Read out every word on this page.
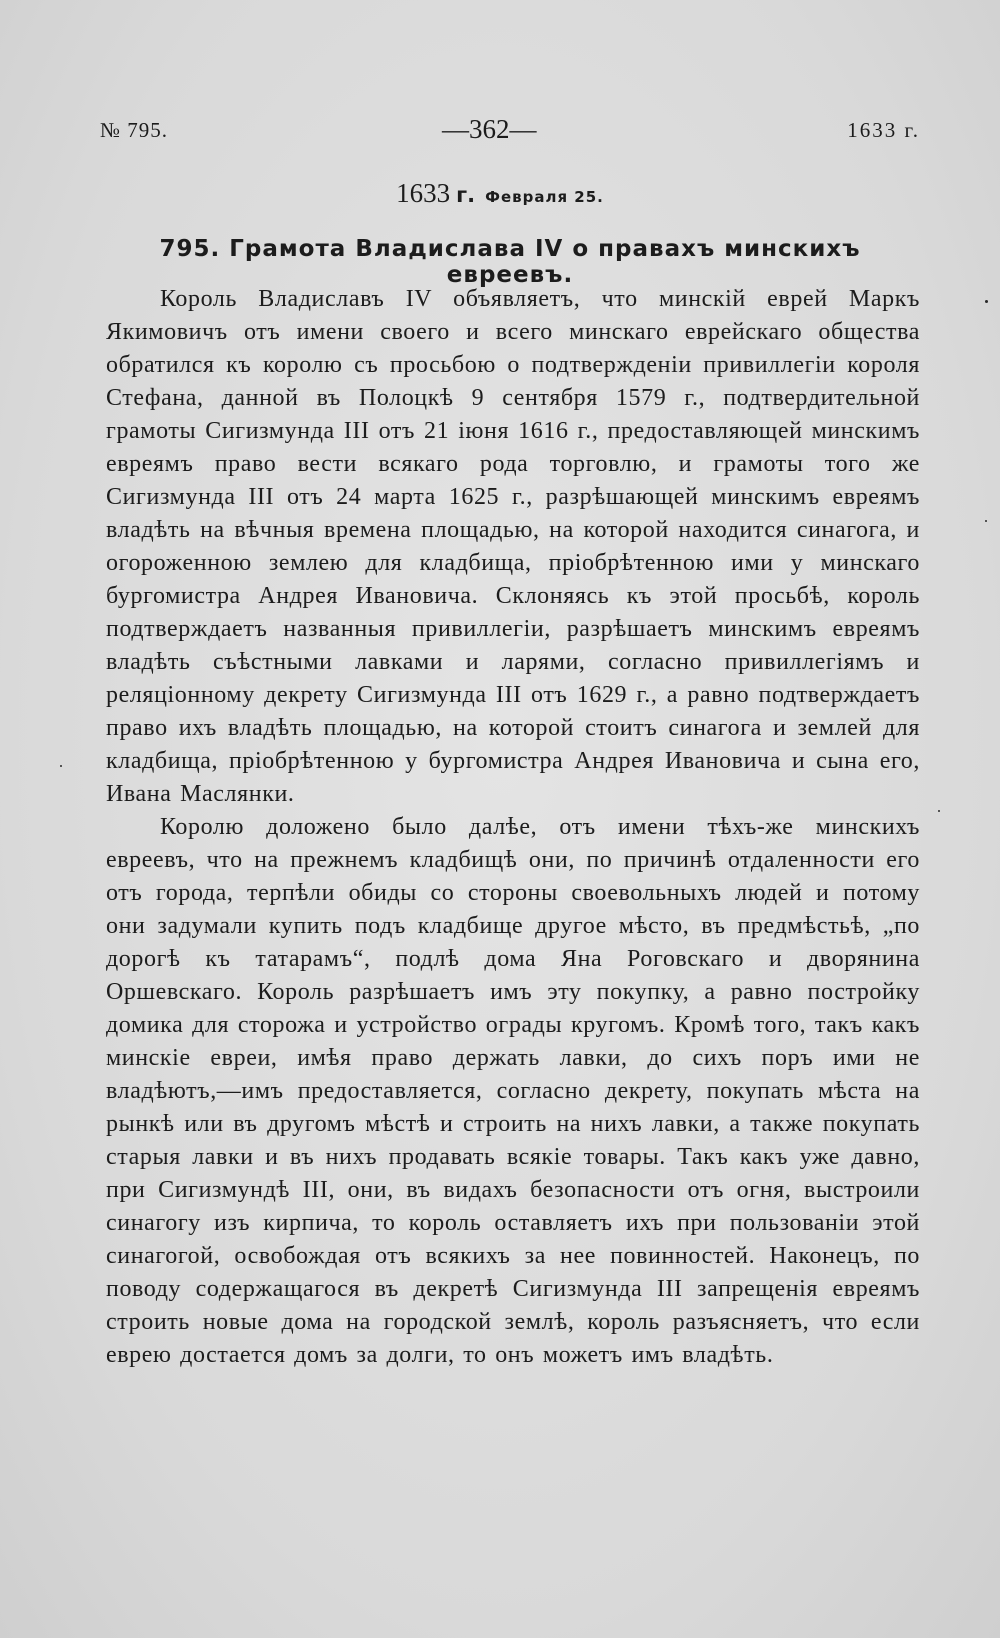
№ 795.	—362—	1633 г.
1633 г. Февраля 25.
795. Грамота Владислава IV о правахъ минскихъ евреевъ.

Король Владиславъ IV объявляетъ, что минскій еврей Маркъ Якимовичъ отъ имени своего и всего минскаго еврейскаго общества обратился къ королю съ просьбою о подтвержденіи привиллегіи короля Стефана, данной въ Полоцкѣ 9 сентября 1579 г., подтвердительной грамоты Сигизмунда III отъ 21 іюня 1616 г., предоставляющей минскимъ евреямъ право вести всякаго рода торговлю, и грамоты того же Сигизмунда III отъ 24 марта 1625 г., разрѣшающей минскимъ евреямъ владѣть на вѣчныя времена площадью, на которой находится синагога, и огороженною землею для кладбища, пріобрѣтенною ими у минскаго бургомистра Андрея Ивановича. Склоняясь къ этой просьбѣ, король подтверждаетъ названныя привиллегіи, разрѣшаетъ минскимъ евреямъ владѣть съѣстными лавками и ларями, согласно привиллегіямъ и реляціонному декрету Сигизмунда III отъ 1629 г., а равно подтверждаетъ право ихъ владѣть площадью, на которой стоитъ синагога и землей для кладбища, пріобрѣтенною у бургомистра Андрея Ивановича и сына его, Ивана Маслянки.

Королю доложено было далѣе, отъ имени тѣхъ-же минскихъ евреевъ, что на прежнемъ кладбищѣ они, по причинѣ отдаленности его отъ города, терпѣли обиды со стороны своевольныхъ людей и потому они задумали купить подъ кладбище другое мѣсто, въ предмѣстьѣ, „по дорогѣ къ татарамъ“, подлѣ дома Яна Роговскаго и дворянина Оршевскаго. Король разрѣшаетъ имъ эту покупку, а равно постройку домика для сторожа и устройство ограды кругомъ. Кромѣ того, такъ какъ минскіе евреи, имѣя право держать лавки, до сихъ поръ ими не владѣютъ,—имъ предоставляется, согласно декрету, покупать мѣста на рынкѣ или въ другомъ мѣстѣ и строить на нихъ лавки, а также покупать старыя лавки и въ нихъ продавать всякіе товары. Такъ какъ уже давно, при Сигизмундѣ III, они, въ видахъ безопасности отъ огня, выстроили синагогу изъ кирпича, то король оставляетъ ихъ при пользованіи этой синагогой, освобождая отъ всякихъ за нее повинностей. Наконецъ, по поводу содержащагося въ декретѣ Сигизмунда III запрещенія евреямъ строить новые дома на городской землѣ, король разъясняетъ, что если еврею достается домъ за долги, то онъ можетъ имъ владѣть.
